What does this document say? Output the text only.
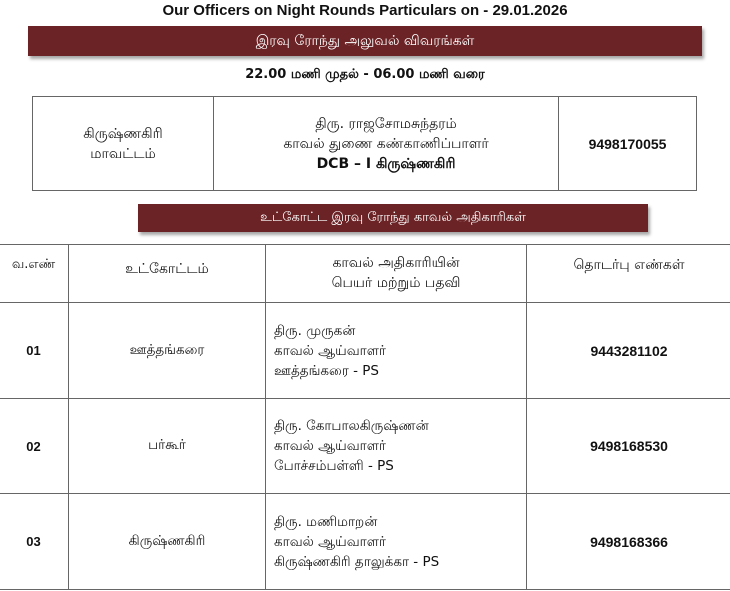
Our Officers on Night Rounds Particulars on - 29.01.2026
இரவு ரோந்து அலுவல் விவரங்கள்
22.00 மணி முதல் - 06.00 மணி வரை
கிருஷ்ணகிரி
மாவட்டம்

திரு. ராஜசோமசுந்தரம்
காவல் துணை கண்காணிப்பாளர்
DCB – I கிருஷ்ணகிரி
	9498170055
உட்கோட்ட இரவு ரோந்து காவல் அதிகாரிகள்
வ.எண்	உட்கோட்டம்	காவல் அதிகாரியின்
பெயர் மற்றும் பதவி	தொடர்பு எண்கள்
01	ஊத்தங்கரை	திரு. முருகன்
காவல் ஆய்வாளர்
ஊத்தங்கரை - PS	9443281102
02	பர்கூர்	திரு. கோபாலகிருஷ்ணன்
காவல் ஆய்வாளர்
போச்சம்பள்ளி - PS	9498168530
03	கிருஷ்ணகிரி	திரு. மணிமாறன்
காவல் ஆய்வாளர்
கிருஷ்ணகிரி தாலுக்கா - PS	9498168366
